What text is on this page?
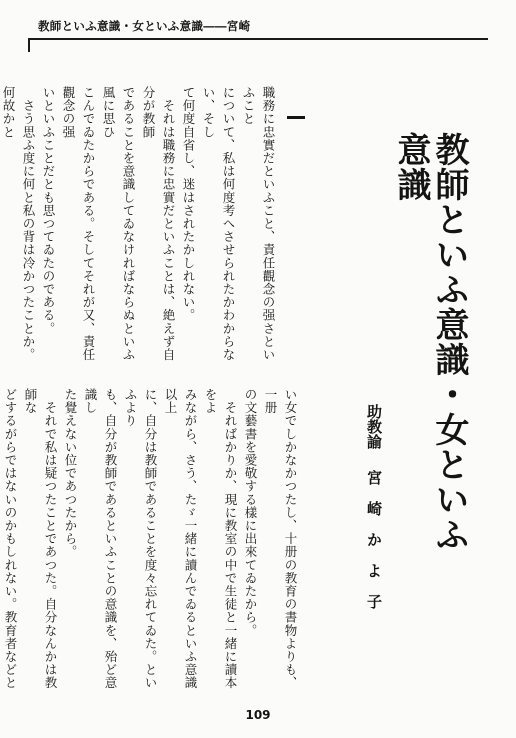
教師といふ意識・女といふ意識――宮崎
職務に忠實だといふこと、責任觀念の强さといふこと
について、私は何度考へさせられたかわからない、そし
て何度自省し、迷はされたかしれない。
　それは職務に忠實だといふことは、絶えず自分が教師
であることを意識してゐなければならぬといふ風に思ひ
こんでゐたからである。そしてそれが又、責任觀念の强
いといふことだとも思つてゐたのである。
　さう思ふ度に何と私の背は冷かつたことか。何故かと

教師といふ意識・女といふ意識
助教諭
宮崎かよ子
い女でしかなかつたし、十册の教育の書物よりも、一册
の文藝書を愛敬する樣に出來てゐたから。
　そればかりか、現に教室の中で生徒と一緒に讀本をよ
みながら、さう、たゞ一緒に讀んでゐるといふ意識以上
に、自分は教師であることを度々忘れてゐた。といふより
も、自分が教師であるといふことの意識を、殆ど意識し
た覺えない位であつたから。
　それで私は疑つたことであつた。自分なんかは教師な
どするがらではないのかもしれない。教育者などと

109
